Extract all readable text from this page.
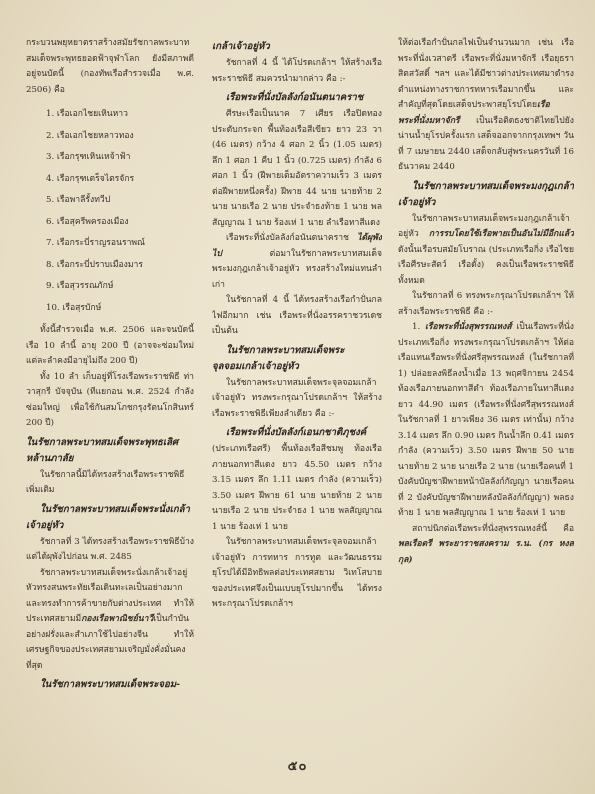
กระบวนพยุหยาตราสร้างสมัยรัชกาลพระบาทสมเด็จพระพุทธยอดฟ้าจุฬาโลก ยังมีสภาพดีอยู่จนบัดนี้ (กองทัพเรือสำรวจเมื่อ พ.ศ. 2506) คือ

1. เรือเอกไชยเหินหาว
2. เรือเอกไชยหลาวทอง
3. เรือกรุฑเหินเหจ้าฟ้า
4. เรือกรุฑเตร็จไตรจักร
5. เรือพาลีรั้งทวีป
6. เรือสุครีพครองเมือง
7. เรือกระบี่ราญรอนราพณ์
8. เรือกระบี่ปราบเมืองมาร
9. เรือสุวรรณภักษ์
10. เรือสุรบักษ์

ทั้งนี้สำรวจเมื่อ พ.ศ. 2506 และจนบัดนี้เรือ 10 ลำนี้ อายุ 200 ปี (อาจจะซ่อมใหม่ แต่ละลำคงมีอายุไม่ถึง 200 ปี)

ทั้ง 10 ลำ เก็บอยู่ที่โรงเรือพระราชพิธี ท่าวาสุกรี บัจจุบัน (ทีแยกอน พ.ศ. 2524 กำลังซ่อมใหญ่ เพื่อใช้กันสมโภชกรุงรัตนโกสินทร์ 200 ปี)

ในรัชกาลพระบาทสมเด็จพระพุทธเลิศหล้านภาลัย

ในรัชกาลนี้มิได้ทรงสร้างเรือพระราชพิธีเพิ่มเติม

ในรัชกาลพระบาทสมเด็จพระนั่งเกล้าเจ้าอยู่หัว

รัชกาลที่ 3 ได้ทรงสร้างเรือพระราชพิธีบ้าง แต่ได้ผุพังไปก่อน พ.ศ. 2485

รัชกาลพระบาทสมเด็จพระนั่งเกล้าเจ้าอยู่หัวทรงสนพระทัยเรือเดินทะเลเป็นอย่างมากและทรงทำการค้าขายกับต่างประเทศ ทำให้ประเทศสยามมีกองเรือพาณิชย์นาวีเป็นกำบันอย่างฝรั่งและสำเภาใช้ไปอย่างจีน ทำให้เศรษฐกิจของประเทศสยามเจริญมั่งคั่งมั่นคงที่สุด

ในรัชกาลพระบาทสมเด็จพระจอม-
เกล้าเจ้าอยู่หัว

รัชกาลที่ 4 นี้ ได้โปรดเกล้าฯ ให้สร้างเรือพระราชพิธี สมควรนำมากล่าว คือ :-

เรือพระที่นั่งบัลลังก์อนันตนาคราช

ศีรษะเรือเป็นนาค 7 เศียร เรือปิดทองประดับกระจก พื้นท้องเรือสีเขียว ยาว 23 วา (46 เมตร) กว้าง 4 ศอก 2 นิ้ว (1.05 เมตร) ลึก 1 ศอก 1 คืบ 1 นิ้ว (0.725 เมตร) กำลัง 6 ศอก 1 นิ้ว (ฝีพายเต็มอัตราความเร็ว 3 เมตรต่อฝีพายหนึ่งครั้ง) ฝีพาย 44 นาย นายท้าย 2 นาย นายเรือ 2 นาย ประจำธงท้าย 1 นาย พลสัญญาณ 1 นาย ร้องเห่ 1 นาย ลำเรือทาสีแดง

เรือพระที่นั่งบัลลังก์อนันตนาคราช ได้ผุพังไป ต่อมาในรัชกาลพระบาทสมเด็จพระมงกุฎเกล้าเจ้าอยู่หัว ทรงสร้างใหม่แทนลำเก่า

ในรัชกาลที่ 4 นี้ ได้ทรงสร้างเรือกำปั่นกลไฟอีกมาก เช่น เรือพระที่นั่งอรรคราชวรเดช เป็นต้น

ในรัชกาลพระบาทสมเด็จพระจุลจอมเกล้าเจ้าอยู่หัว

ในรัชกาลพระบาทสมเด็จพระจุลจอมเกล้าเจ้าอยู่หัว ทรงพระกรุณาโปรดเกล้าฯ ให้สร้างเรือพระราชพิธีเพียงลำเดียว คือ :-

เรือพระที่นั่งบัลลังก์เอนกชาติภุชงค์

(ประเภทเรือศรี) พื้นท้องเรือสีชมพู ท้องเรือภายนอกทาสีแดง ยาว 45.50 เมตร กว้าง 3.15 เมตร ลึก 1.11 เมตร กำลัง (ความเร็ว) 3.50 เมตร ฝีพาย 61 นาย นายท้าย 2 นาย นายเรือ 2 นาย ประจำธง 1 นาย พลสัญญาณ 1 นาย ร้องเห่ 1 นาย

ในรัชกาลพระบาทสมเด็จพระจุลจอมเกล้าเจ้าอยู่หัว การทหาร การทูต และวัฒนธรรมยุโรปได้มีอิทธิพลต่อประเทศสยาม วิเทโสบายของประเทศจึงเป็นแบบยุโรปมากขึ้น ได้ทรงพระกรุณาโปรดเกล้าฯ

ให้ต่อเรือกำปั่นกลไฟเป็นจำนวนมาก เช่น เรือพระที่นั่งเวสาตรี เรือพระที่นั่งมหาจักรี เรือยุธราสิตสวัสดิ์ ฯลฯ และได้มีชาวต่างประเทศมาดำรงตำแหน่งทางราชการทหารเรือมากขึ้น และสำคัญที่สุดโดยเสด็จประพาสยุโรปโดยเรือพระที่นั่งมหาจักรี เป็นเรือติดธงชาติไทยไปยังน่านน้ำยุโรปครั้งแรก เสด็จออกจากกรุงเทพฯ วันที่ 7 เมษายน 2440 เสด็จกลับสู่พระนครวันที่ 16 ธันวาคม 2440

ในรัชกาลพระบาทสมเด็จพระมงกุฎเกล้าเจ้าอยู่หัว

ในรัชกาลพระบาทสมเด็จพระมงกุฎเกล้าเจ้าอยู่หัว การรบโดยใช้เรือพายเป็นอันไม่มีอีกแล้ว ดังนั้นเรือรบสมัยโบราณ (ประเภทเรือกิ่ง เรือไชย เรือศีรษะสัตว์ เรือดั้ง) คงเป็นเรือพระราชพิธีทั้งหมด

ในรัชกาลที่ 6 ทรงพระกรุณาโปรดเกล้าฯ ให้สร้างเรือพระราชพิธี คือ :-

1. เรือพระที่นั่งสุพรรณหงส์ เป็นเรือพระที่นั่งประเภทเรือกิ่ง ทรงพระกรุณาโปรดเกล้าฯ ให้ต่อเรือแทนเรือพระที่นั่งศรีสุพรรณหงส์ (ในรัชกาลที่ 1) ปล่อยลงพิธีลงน้ำเมื่อ 13 พฤศจิกายน 2454 ท้องเรือภายนอกทาสีดำ ท้องเรือภายในทาสีแดง ยาว 44.90 เมตร (เรือพระที่นั่งศรีสุพรรณหงส์ ในรัชกาลที่ 1 ยาวเพียง 36 เมตร เท่านั้น) กว้าง 3.14 เมตร ลึก 0.90 เมตร กินน้ำลึก 0.41 เมตร กำลัง (ความเร็ว) 3.50 เมตร ฝีพาย 50 นาย นายท้าย 2 นาย นายเรือ 2 นาย (นายเรือคนที่ 1 บังคับบัญชาฝีพายหน้าบัลลังก์กัญญา นายเรือคนที่ 2 บังคับบัญชาฝีพายหลังบัลลังก์กัญญา) พลธงท้าย 1 นาย พลสัญญาณ 1 นาย ร้องเห่ 1 นาย

สถาปนิกต่อเรือพระที่นั่งสุพรรณหงส์นี้ คือ พลเรือตรี พระยาราชสงคราม ร.น. (กร หงสกุล)

๕๐
